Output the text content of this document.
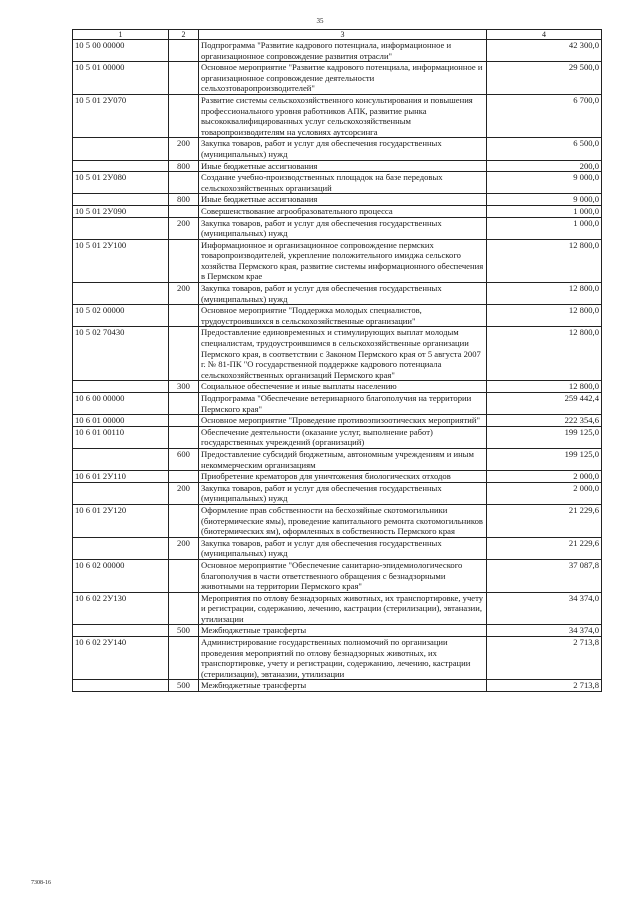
35
1	2	3	4
10 5 00 00000		Подпрограмма "Развитие кадрового потенциала, информационное и организационное сопровождение развития отрасли"	42 300,0
10 5 01 00000		Основное мероприятие "Развитие кадрового потенциала, информационное и организационное сопровождение деятельности сельхозтоваропроизводителей"	29 500,0
10 5 01 2У070		Развитие системы сельскохозяйственного консультирования и повышения профессионального уровня работников АПК, развитие рынка высококвалифицированных услуг сельскохозяйственным товаропроизводителям на условиях аутсорсинга	6 700,0
	200	Закупка товаров, работ и услуг для обеспечения государственных (муниципальных) нужд	6 500,0
	800	Иные бюджетные ассигнования	200,0
10 5 01 2У080		Создание учебно-производственных площадок на базе передовых сельскохозяйственных организаций	9 000,0
	800	Иные бюджетные ассигнования	9 000,0
10 5 01 2У090		Совершенствование агрообразовательного процесса	1 000,0
	200	Закупка товаров, работ и услуг для обеспечения государственных (муниципальных) нужд	1 000,0
10 5 01 2У100		Информационное и организационное сопровождение пермских товаропроизводителей, укрепление положительного имиджа сельского хозяйства Пермского края, развитие системы информационного обеспечения в Пермском крае	12 800,0
	200	Закупка товаров, работ и услуг для обеспечения государственных (муниципальных) нужд	12 800,0
10 5 02 00000		Основное мероприятие "Поддержка молодых специалистов, трудоустроившихся в сельскохозяйственные организации"	12 800,0
10 5 02 70430		Предоставление единовременных и стимулирующих выплат молодым специалистам, трудоустроившимся в сельскохозяйственные организации Пермского края, в соответствии с Законом Пермского края от 5 августа 2007 г. № 81-ПК "О государственной поддержке кадрового потенциала сельскохозяйственных организаций Пермского края"	12 800,0
	300	Социальное обеспечение и иные выплаты населению	12 800,0
10 6 00 00000		Подпрограмма "Обеспечение ветеринарного благополучия на территории Пермского края"	259 442,4
10 6 01 00000		Основное мероприятие "Проведение противоэпизоотических мероприятий"	222 354,6
10 6 01 00110		Обеспечение деятельности (оказание услуг, выполнение работ) государственных учреждений (организаций)	199 125,0
	600	Предоставление субсидий бюджетным, автономным учреждениям и иным некоммерческим организациям	199 125,0
10 6 01 2У110		Приобретение крематоров для уничтожения биологических отходов	2 000,0
	200	Закупка товаров, работ и услуг для обеспечения государственных (муниципальных) нужд	2 000,0
10 6 01 2У120		Оформление прав собственности на бесхозяйные скотомогильники (биотермические ямы), проведение капитального ремонта скотомогильников (биотермических ям), оформленных в собственность Пермского края	21 229,6
	200	Закупка товаров, работ и услуг для обеспечения государственных (муниципальных) нужд	21 229,6
10 6 02 00000		Основное мероприятие "Обеспечение санитарно-эпидемиологического благополучия в части ответственного обращения с безнадзорными животными на территории Пермского края"	37 087,8
10 6 02 2У130		Мероприятия по отлову безнадзорных животных, их транспортировке, учету и регистрации, содержанию, лечению, кастрации (стерилизации), эвтаназии, утилизации	34 374,0
	500	Межбюджетные трансферты	34 374,0
10 6 02 2У140		Администрирование государственных полномочий по организации проведения мероприятий по отлову безнадзорных животных, их транспортировке, учету и регистрации, содержанию, лечению, кастрации (стерилизации), эвтаназии, утилизации	2 713,8
	500	Межбюджетные трансферты	2 713,8
7308-16
